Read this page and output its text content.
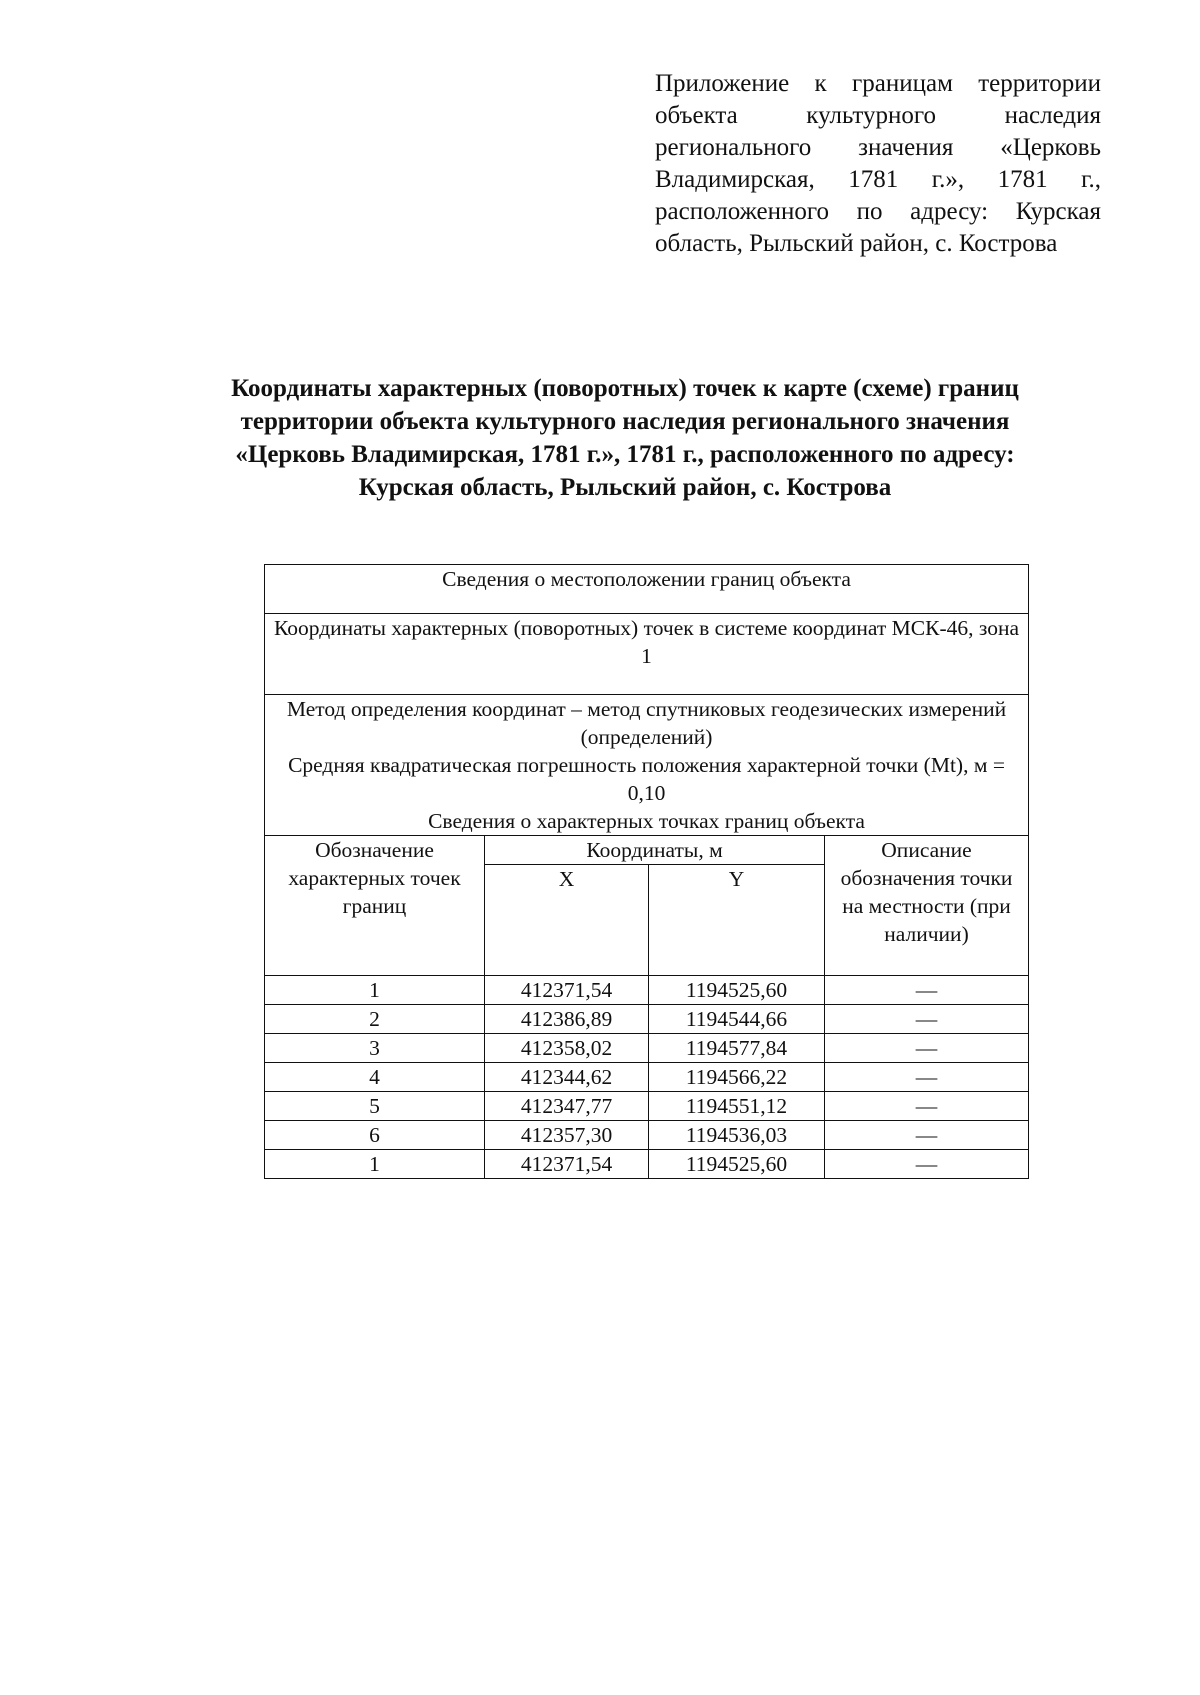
Приложение к границам территории объекта культурного наследия регионального значения «Церковь Владимирская, 1781 г.», 1781 г., расположенного по адресу: Курская область, Рыльский район, с. Кострова
Координаты характерных (поворотных) точек к карте (схеме) границ
территории объекта культурного наследия регионального значения
«Церковь Владимирская, 1781 г.», 1781 г., расположенного по адресу:
Курская область, Рыльский район, с. Кострова
Сведения о местоположении границ объекта			
Координаты характерных (поворотных) точек в системе координат МСК-46, зона 1			
Метод определения координат – метод спутниковых геодезических измерений (определений)
Средняя квадратическая погрешность положения характерной точки (Mt), м = 0,10

Сведения о характерных точках границ объекта			

Обозначение характерных точек границ	Координаты, м		Описание обозначения точки на местности (при наличии)
	X	Y	
1	412371,54	1194525,60	—
2	412386,89	1194544,66	—
3	412358,02	1194577,84	—
4	412344,62	1194566,22	—
5	412347,77	1194551,12	—
6	412357,30	1194536,03	—
1	412371,54	1194525,60	—
